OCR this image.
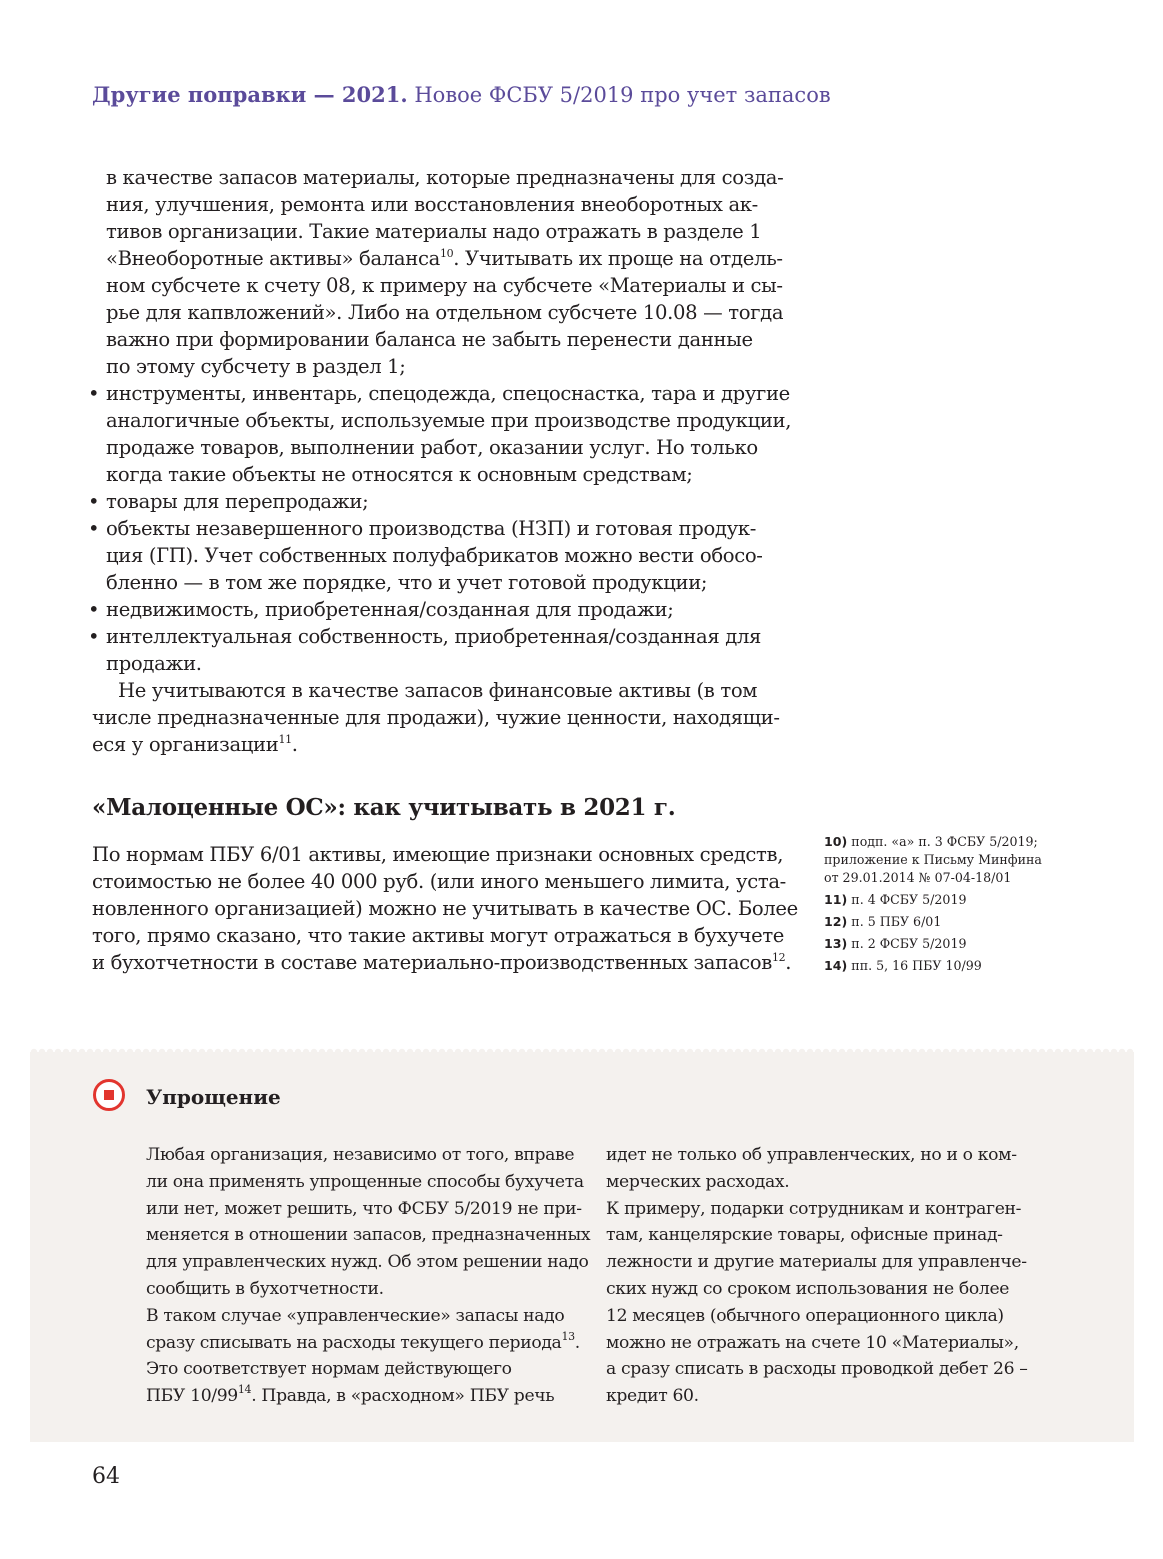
Другие поправки — 2021. Новое ФСБУ 5/2019 про учет запасов
в качестве запасов материалы, которые предназначены для созда-
ния, улучшения, ремонта или восстановления внеоборотных ак-
тивов организации. Такие материалы надо отражать в разделе 1
«Внеоборотные активы» баланса$^{10}$. Учитывать их проще на отдель-
ном субсчете к счету 08, к примеру на субсчете «Материалы и сы-
рье для капвложений». Либо на отдельном субсчете 10.08 — тогда
важно при формировании баланса не забыть перенести данные
по этому субсчету в раздел 1;
• инструменты, инвентарь, спецодежда, спецоснастка, тара и другие
аналогичные объекты, используемые при производстве продукции,
продаже товаров, выполнении работ, оказании услуг. Но только
когда такие объекты не относятся к основным средствам;
• товары для перепродажи;
• объекты незавершенного производства (НЗП) и готовая продук-
ция (ГП). Учет собственных полуфабрикатов можно вести обосо-
бленно — в том же порядке, что и учет готовой продукции;
• недвижимость, приобретенная/созданная для продажи;
• интеллектуальная собственность, приобретенная/созданная для
продажи.
Не учитываются в качестве запасов финансовые активы (в том
числе предназначенные для продажи), чужие ценности, находящи-
еся у организации$^{11}$.
«Малоценные ОС»: как учитывать в 2021 г.
По нормам ПБУ 6/01 активы, имеющие признаки основных средств,
стоимостью не более 40 000 руб. (или иного меньшего лимита, уста-
новленного организацией) можно не учитывать в качестве ОС. Более
того, прямо сказано, что такие активы могут отражаться в бухучете
и бухотчетности в составе материально-производственных запасов$^{12}$.
10) подп. «а» п. 3 ФСБУ 5/2019;
приложение к Письму Минфина
от 29.01.2014 № 07-04-18/01
11) п. 4 ФСБУ 5/2019
12) п. 5 ПБУ 6/01
13) п. 2 ФСБУ 5/2019
14) пп. 5, 16 ПБУ 10/99
Упрощение
Любая организация, независимо от того, вправе
ли она применять упрощенные способы бухучета
или нет, может решить, что ФСБУ 5/2019 не при-
меняется в отношении запасов, предназначенных
для управленческих нужд. Об этом решении надо
сообщить в бухотчетности.
В таком случае «управленческие» запасы надо
сразу списывать на расходы текущего периода$^{13}$.
Это соответствует нормам действующего
ПБУ $10/99^{14}$. Правда, в «расходном» ПБУ речь
идет не только об управленческих, но и о ком-
мерческих расходах.
К примеру, подарки сотрудникам и контраген-
там, канцелярские товары, офисные принад-
лежности и другие материалы для управленче-
ских нужд со сроком использования не более
12 месяцев (обычного операционного цикла)
можно не отражать на счете 10 «Материалы»,
а сразу списать в расходы проводкой дебет 26 –
кредит 60.
64
